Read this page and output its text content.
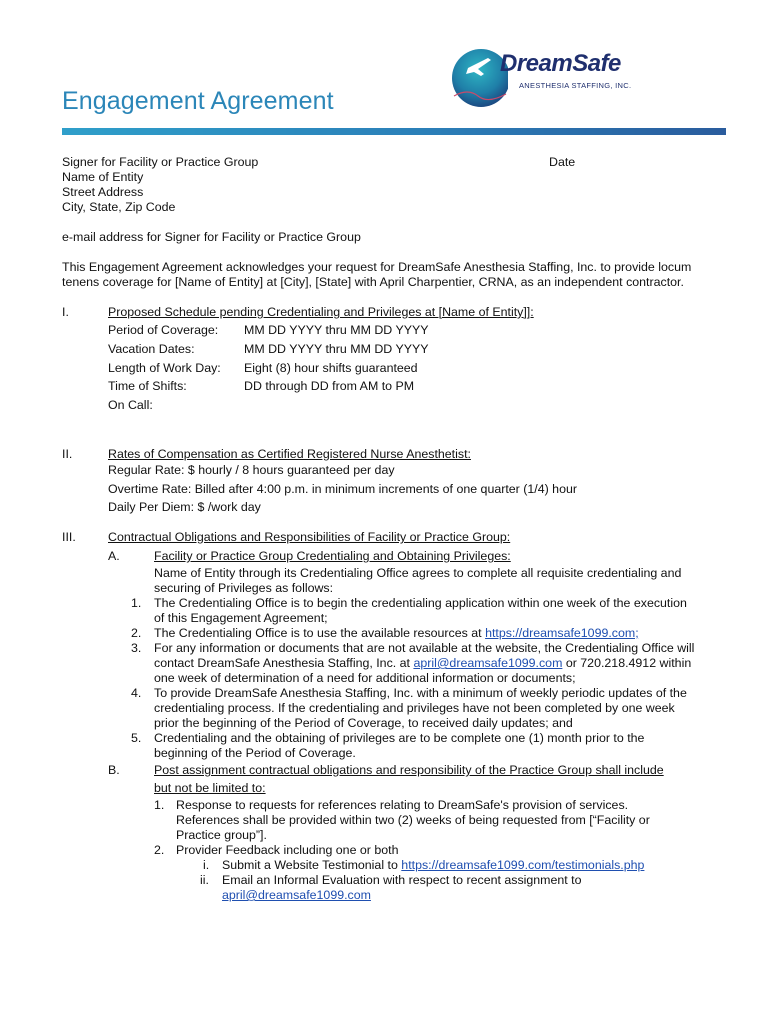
DreamSafe
ANESTHESIA STAFFING, INC.
Engagement Agreement
Signer for Facility or Practice Group	Date
Name of Entity
Street Address
City, State, Zip Code
e-mail address for Signer for Facility or Practice Group
This Engagement Agreement acknowledges your request for DreamSafe Anesthesia Staffing, Inc. to provide locum
tenens coverage for [Name of Entity] at [City], [State] with April Charpentier, CRNA, as an independent contractor.
I.	Proposed Schedule pending Credentialing and Privileges at [Name of Entity]]:
Period of Coverage: MM DD YYYY thru MM DD YYYY
Vacation Dates:	MM DD YYYY thru MM DD YYYY
Length of Work Day: Eight (8) hour shifts guaranteed
Time of Shifts:	DD through DD from AM to PM
On Call:
II.	Rates of Compensation as Certified Registered Nurse Anesthetist:
Regular Rate: $ hourly / 8 hours guaranteed per day
Overtime Rate: Billed after 4:00 p.m. in minimum increments of one quarter (1/4) hour
Daily Per Diem: $ /work day
III.	Contractual Obligations and Responsibilities of Facility or Practice Group:
A.	Facility or Practice Group Credentialing and Obtaining Privileges:
Name of Entity through its Credentialing Office agrees to complete all requisite credentialing and
securing of Privileges as follows:
1. The Credentialing Office is to begin the credentialing application within one week of the execution
of this Engagement Agreement;
2. The Credentialing Office is to use the available resources at https://dreamsafe1099.com;
3. For any information or documents that are not available at the website, the Credentialing Office will
contact DreamSafe Anesthesia Staffing, Inc. at april@dreamsafe1099.com or 720.218.4912 within
one week of determination of a need for additional information or documents;
4. To provide DreamSafe Anesthesia Staffing, Inc. with a minimum of weekly periodic updates of the
credentialing process. If the credentialing and privileges have not been completed by one week
prior the beginning of the Period of Coverage, to received daily updates; and
5. Credentialing and the obtaining of privileges are to be complete one (1) month prior to the
beginning of the Period of Coverage.
B.	Post assignment contractual obligations and responsibility of the Practice Group shall include
but not be limited to:
1. Response to requests for references relating to DreamSafe's provision of services.
References shall be provided within two (2) weeks of being requested from [“Facility or
Practice group”].
2. Provider Feedback including one or both
i. Submit a Website Testimonial to https://dreamsafe1099.com/testimonials.php
ii. Email an Informal Evaluation with respect to recent assignment to
april@dreamsafe1099.com
